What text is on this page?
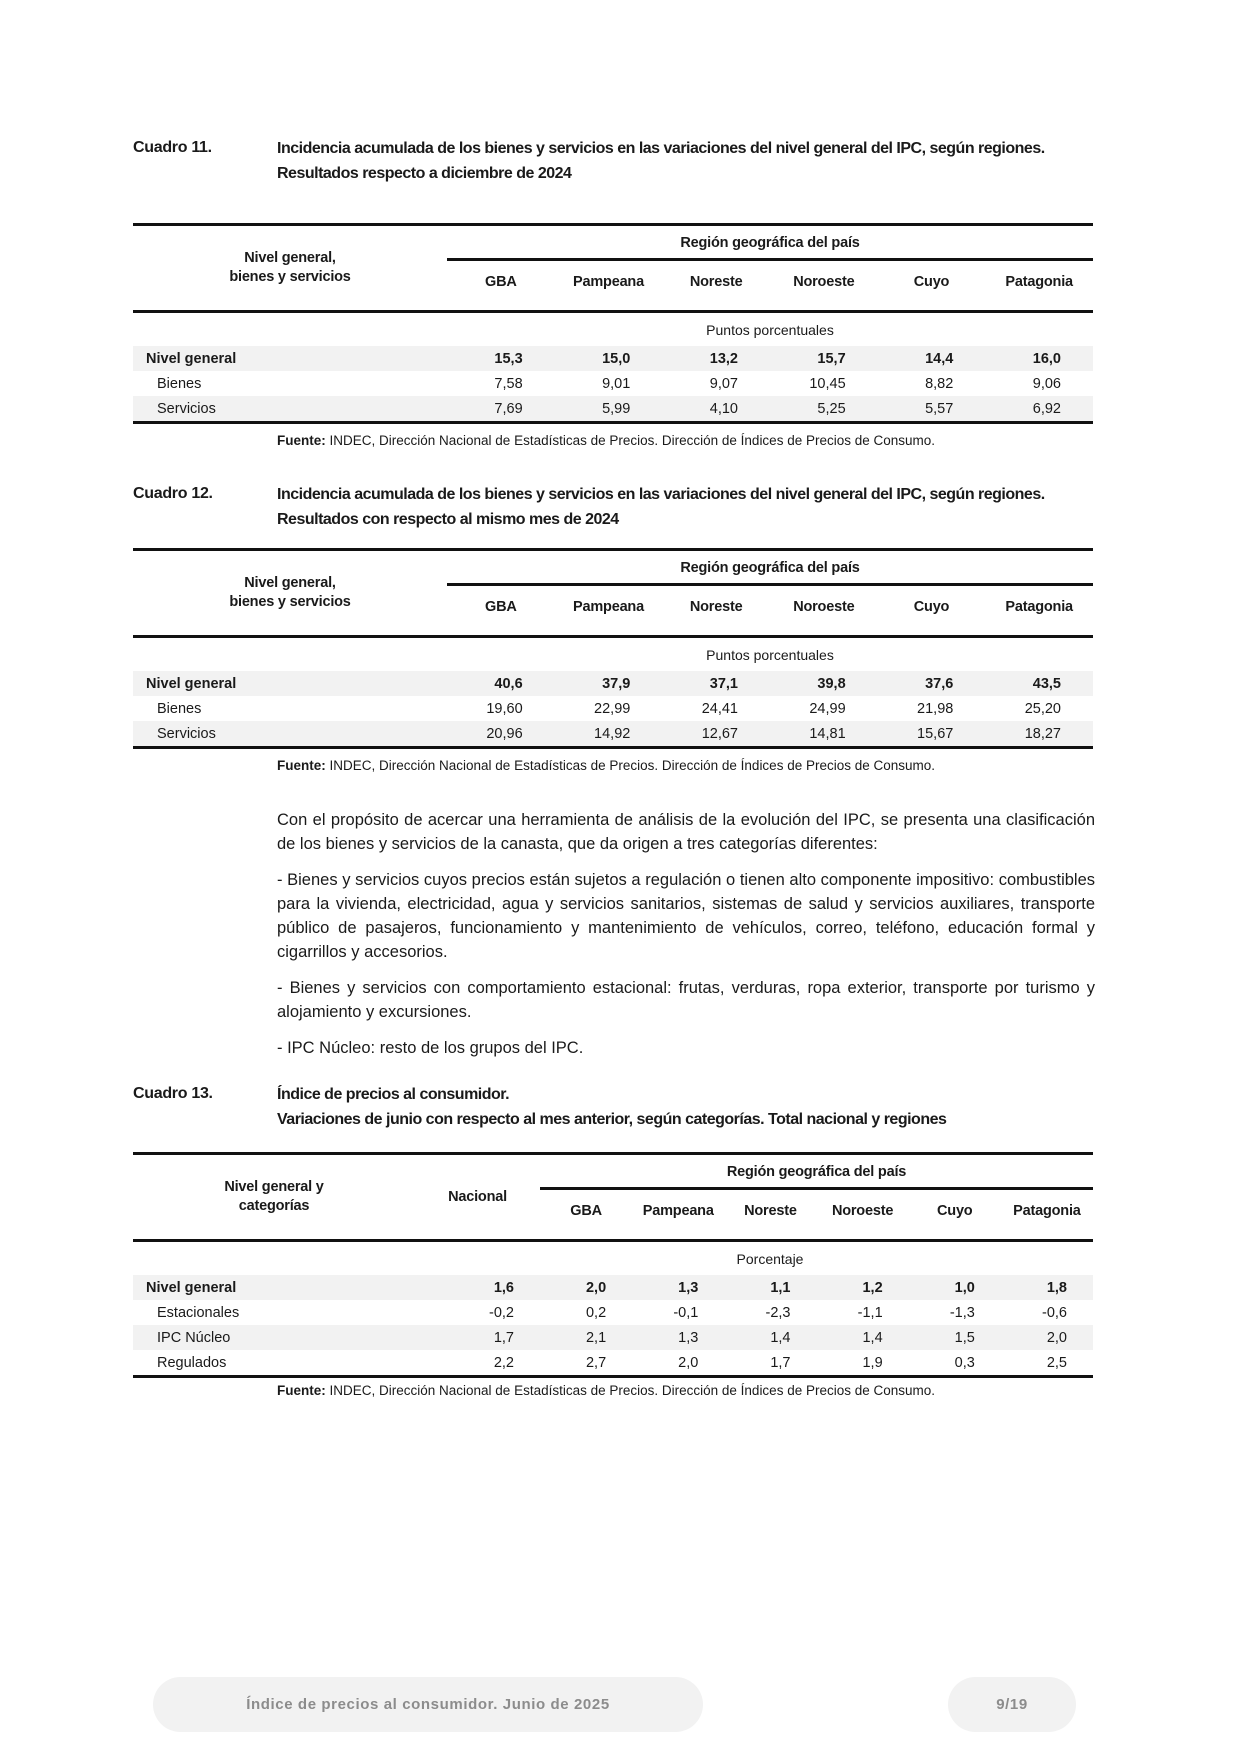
Cuadro 11.	Incidencia acumulada de los bienes y servicios en las variaciones del nivel general del IPC, según regiones.
Resultados respecto a diciembre de 2024
Nivel general,
bienes y servicios
Región geográfica del país
GBA	Pampeana	Noreste	Noroeste	Cuyo	Patagonia
Puntos porcentuales
Nivel general	15,3	15,0	13,2	15,7	14,4	16,0
Bienes	7,58	9,01	9,07	10,45	8,82	9,06
Servicios	7,69	5,99	4,10	5,25	5,57	6,92
Fuente: INDEC, Dirección Nacional de Estadísticas de Precios. Dirección de Índices de Precios de Consumo.
Cuadro 12.	Incidencia acumulada de los bienes y servicios en las variaciones del nivel general del IPC, según regiones.
Resultados con respecto al mismo mes de 2024
Nivel general,
bienes y servicios
Región geográfica del país
GBA	Pampeana	Noreste	Noroeste	Cuyo	Patagonia
Puntos porcentuales
Nivel general	40,6	37,9	37,1	39,8	37,6	43,5
Bienes	19,60	22,99	24,41	24,99	21,98	25,20
Servicios	20,96	14,92	12,67	14,81	15,67	18,27
Fuente: INDEC, Dirección Nacional de Estadísticas de Precios. Dirección de Índices de Precios de Consumo.

Con el propósito de acercar una herramienta de análisis de la evolución del IPC, se presenta una clasificación de los bienes y servicios de la canasta, que da origen a tres categorías diferentes:

- Bienes y servicios cuyos precios están sujetos a regulación o tienen alto componente impositivo: combustibles para la vivienda, electricidad, agua y servicios sanitarios, sistemas de salud y servicios auxiliares, transporte público de pasajeros, funcionamiento y mantenimiento de vehículos, correo, teléfono, educación formal y cigarrillos y accesorios.

- Bienes y servicios con comportamiento estacional: frutas, verduras, ropa exterior, transporte por turismo y alojamiento y excursiones.

- IPC Núcleo: resto de los grupos del IPC.

Cuadro 13.	Índice de precios al consumidor.
Variaciones de junio con respecto al mes anterior, según categorías. Total nacional y regiones
Nivel general y
categorías
Nacional
Región geográfica del país
GBA	Pampeana	Noreste	Noroeste	Cuyo	Patagonia
Porcentaje
Nivel general	1,6	2,0	1,3	1,1	1,2	1,0	1,8
Estacionales	-0,2	0,2	-0,1	-2,3	-1,1	-1,3	-0,6
IPC Núcleo	1,7	2,1	1,3	1,4	1,4	1,5	2,0
Regulados	2,2	2,7	2,0	1,7	1,9	0,3	2,5
Fuente: INDEC, Dirección Nacional de Estadísticas de Precios. Dirección de Índices de Precios de Consumo.
Índice de precios al consumidor. Junio de 2025	9/19
